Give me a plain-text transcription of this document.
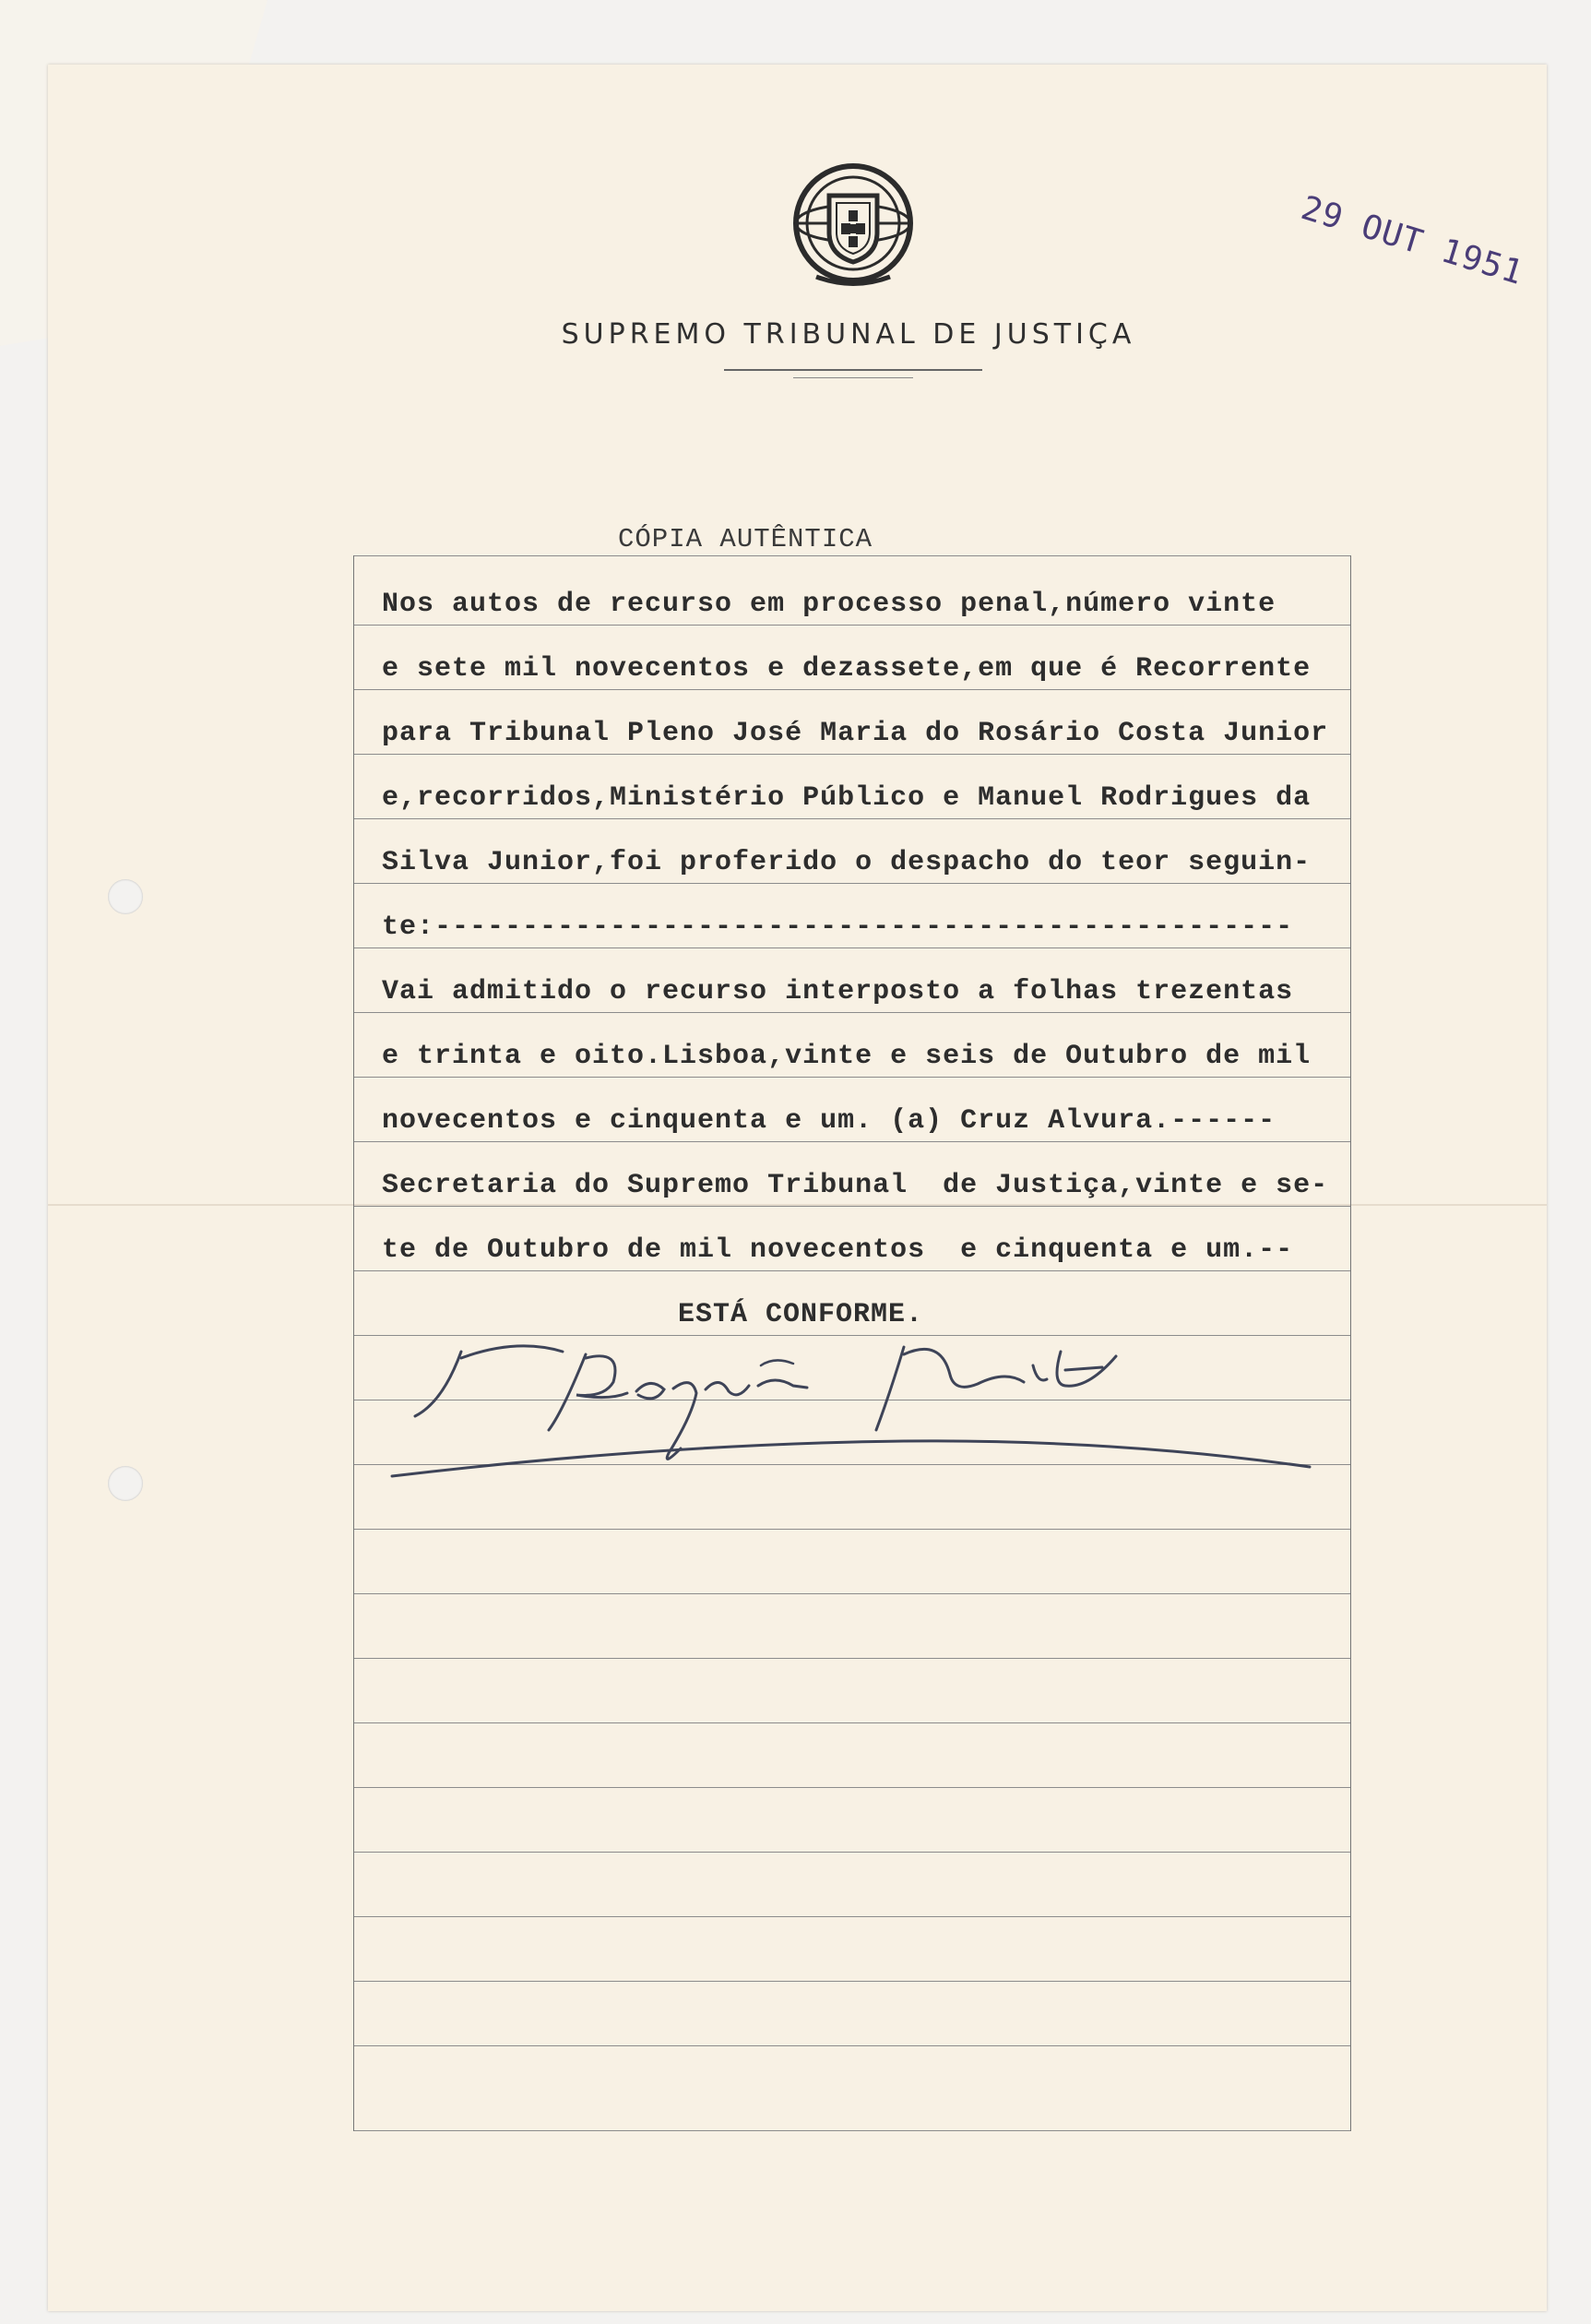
SUPREMO TRIBUNAL DE JUSTIÇA
29 OUT 1951
CÓPIA AUTÊNTICA
Nos autos de recurso em processo penal,número vinte
e sete mil novecentos e dezassete,em que é Recorrente
para Tribunal Pleno José Maria do Rosário Costa Junior
e,recorridos,Ministério Público e Manuel Rodrigues da
Silva Junior,foi proferido o despacho do teor seguin-
te:-------------------------------------------------
Vai admitido o recurso interposto a folhas trezentas
e trinta e oito.Lisboa,vinte e seis de Outubro de mil
novecentos e cinquenta e um. (a) Cruz Alvura.------
Secretaria do Supremo Tribunal  de Justiça,vinte e se-
te de Outubro de mil novecentos  e cinquenta e um.--
ESTÁ CONFORME.
